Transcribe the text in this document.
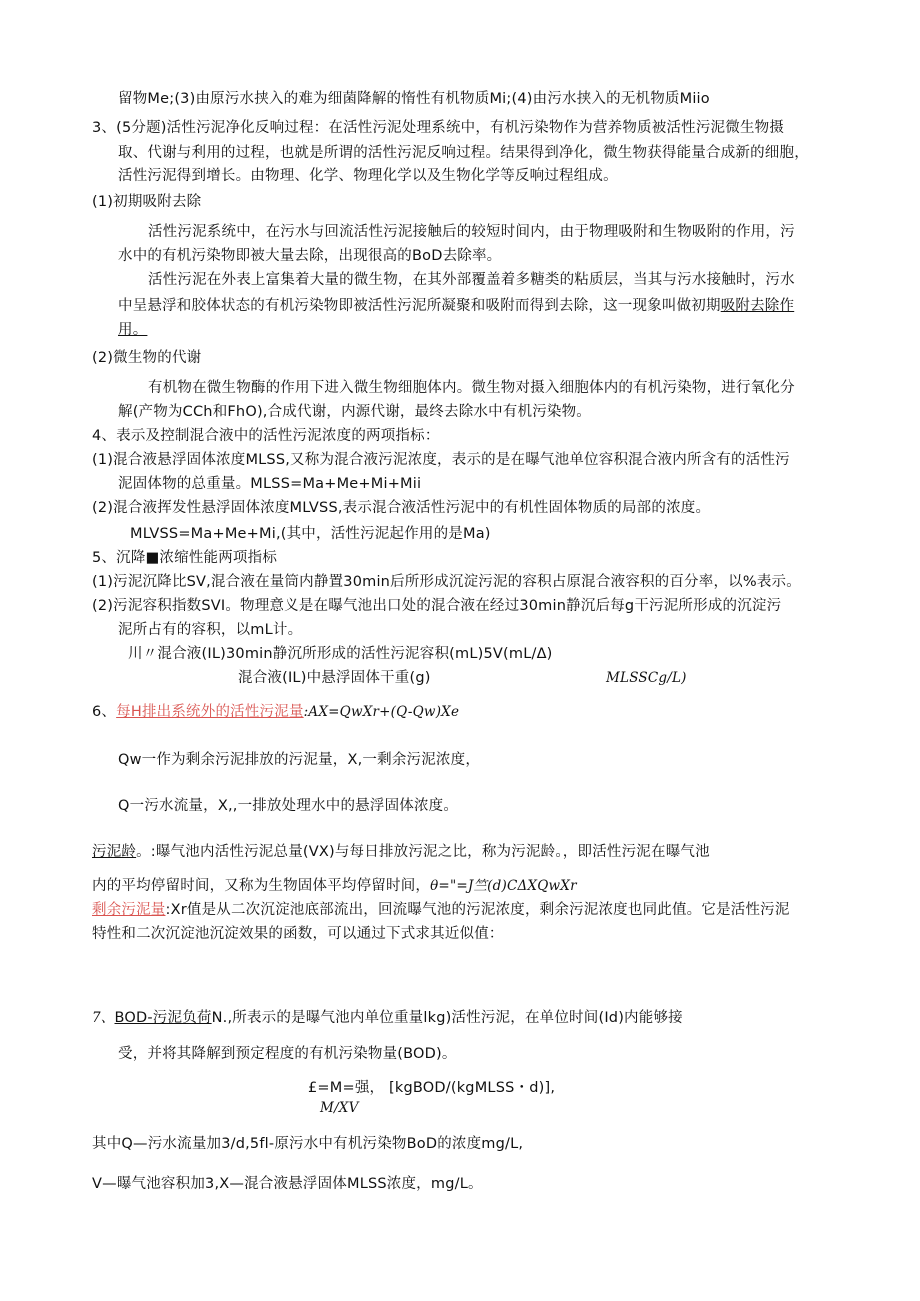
留物Me;(3)由原污水挟入的难为细菌降解的惰性有机物质Mi;(4)由污水挟入的无机物质Miio
3、(5分题)活性污泥净化反响过程：在活性污泥处理系统中，有机污染物作为营养物质被活性污泥微生物摄
取、代谢与利用的过程，也就是所谓的活性污泥反响过程。结果得到净化，微生物获得能量合成新的细胞，
活性污泥得到增长。由物理、化学、物理化学以及生物化学等反响过程组成。
(1)初期吸附去除
活性污泥系统中，在污水与回流活性污泥接触后的较短时间内，由于物理吸附和生物吸附的作用，污
水中的有机污染物即被大量去除，出现很高的BoD去除率。
活性污泥在外表上富集着大量的微生物，在其外部覆盖着多糖类的粘质层，当其与污水接触时，污水
中呈悬浮和胶体状态的有机污染物即被活性污泥所凝聚和吸附而得到去除，这一现象叫做初期吸附去除作
用。
(2)微生物的代谢
有机物在微生物酶的作用下进入微生物细胞体内。微生物对摄入细胞体内的有机污染物，进行氧化分
解(产物为CCh和FhO),合成代谢，内源代谢，最终去除水中有机污染物。
4、表示及控制混合液中的活性污泥浓度的两项指标：
(1)混合液悬浮固体浓度MLSS,又称为混合液污泥浓度，表示的是在曝气池单位容积混合液内所含有的活性污
泥固体物的总重量。MLSS=Ma+Me+Mi+Mii
(2)混合液挥发性悬浮固体浓度MLVSS,表示混合液活性污泥中的有机性固体物质的局部的浓度。
MLVSS=Ma+Me+Mi,(其中，活性污泥起作用的是Ma)
5、沉降■浓缩性能两项指标
(1)污泥沉降比SV,混合液在量筒内静置30min后所形成沉淀污泥的容积占原混合液容积的百分率，以%表示。
(2)污泥容积指数SVI。物理意义是在曝气池出口处的混合液在经过30min静沉后每g干污泥所形成的沉淀污
泥所占有的容积，以mL计。
川〃混合液(IL)30min静沉所形成的活性污泥容积(mL)5V(mL∕Δ)
混合液(IL)中悬浮固体干重(g)	MLSSCg/L)
6、每H排出系统外的活性污泥量:AX=QwXr+(Q-Qw)Xe
Qw一作为剩余污泥排放的污泥量，X,一剩余污泥浓度，
Q一污水流量，X,,一排放处理水中的悬浮固体浓度。
污泥龄。:曝气池内活性污泥总量(VX)与每日排放污泥之比，称为污泥龄。，即活性污泥在曝气池
内的平均停留时间，又称为生物固体平均停留时间，θ="=J竺(d)CΔXQwXr
剩余污泥量:Xr值是从二次沉淀池底部流出，回流曝气池的污泥浓度，剩余污泥浓度也同此值。它是活性污泥
特性和二次沉淀池沉淀效果的函数，可以通过下式求其近似值：
7、BOD-污泥负荷N.,所表示的是曝气池内单位重量lkg)活性污泥，在单位时间(Id)内能够接
受，并将其降解到预定程度的有机污染物量(BOD)。
£=M=强， [kgBOD∕(kgMLSS・d)],
M∕XV
其中Q—污水流量加3/d,5fl-原污水中有机污染物BoD的浓度mg∕L,
V—曝气池容积加3,X—混合液悬浮固体MLSS浓度，mg/L。
